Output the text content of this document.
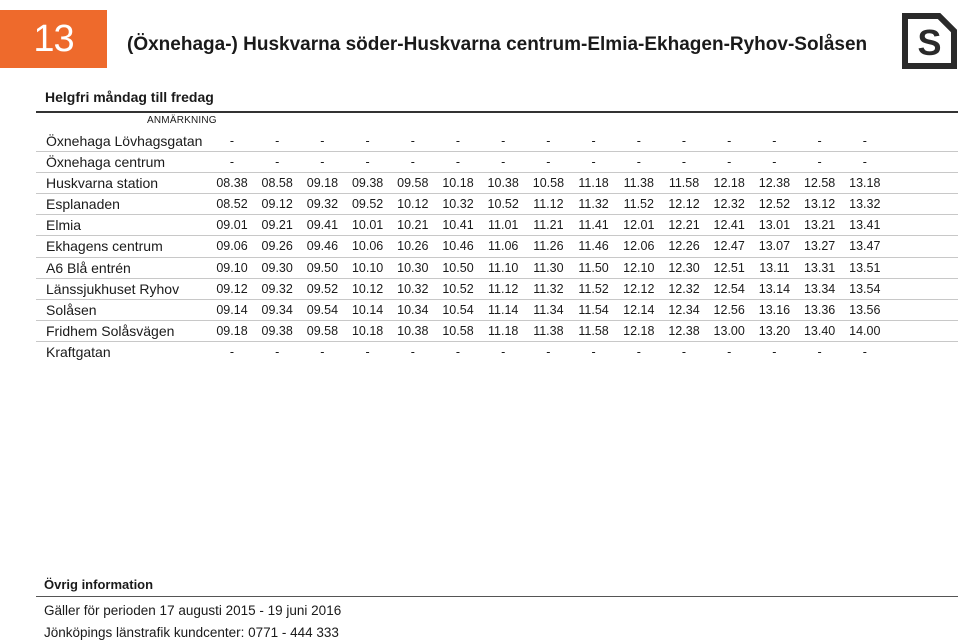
13	(Öxnehaga-) Huskvarna söder-Huskvarna centrum-Elmia-Ekhagen-Ryhov-Solåsen S
Helgfri måndag till fredag
ANMÄRKNING
Öxnehaga Lövhagsgatan	-	-	-	-	-	-	-	-	-	-	-	-	-	-	-
Öxnehaga centrum	-	-	-	-	-	-	-	-	-	-	-	-	-	-	-
Huskvarna station	08.38	08.58	09.18	09.38	09.58	10.18	10.38	10.58	11.18	11.38	11.58	12.18	12.38	12.58	13.18
Esplanaden	08.52	09.12	09.32	09.52	10.12	10.32	10.52	11.12	11.32	11.52	12.12	12.32	12.52	13.12	13.32
Elmia	09.01	09.21	09.41	10.01	10.21	10.41	11.01	11.21	11.41	12.01	12.21	12.41	13.01	13.21	13.41
Ekhagens centrum	09.06	09.26	09.46	10.06	10.26	10.46	11.06	11.26	11.46	12.06	12.26	12.47	13.07	13.27	13.47
A6 Blå entrén	09.10	09.30	09.50	10.10	10.30	10.50	11.10	11.30	11.50	12.10	12.30	12.51	13.11	13.31	13.51
Länssjukhuset Ryhov	09.12	09.32	09.52	10.12	10.32	10.52	11.12	11.32	11.52	12.12	12.32	12.54	13.14	13.34	13.54
Solåsen	09.14	09.34	09.54	10.14	10.34	10.54	11.14	11.34	11.54	12.14	12.34	12.56	13.16	13.36	13.56
Fridhem Solåsvägen	09.18	09.38	09.58	10.18	10.38	10.58	11.18	11.38	11.58	12.18	12.38	13.00	13.20	13.40	14.00
Kraftgatan	-	-	-	-	-	-	-	-	-	-	-	-	-	-	-
Övrig information
Gäller för perioden 17 augusti 2015 - 19 juni 2016
Jönköpings länstrafik kundcenter: 0771 - 444 333
